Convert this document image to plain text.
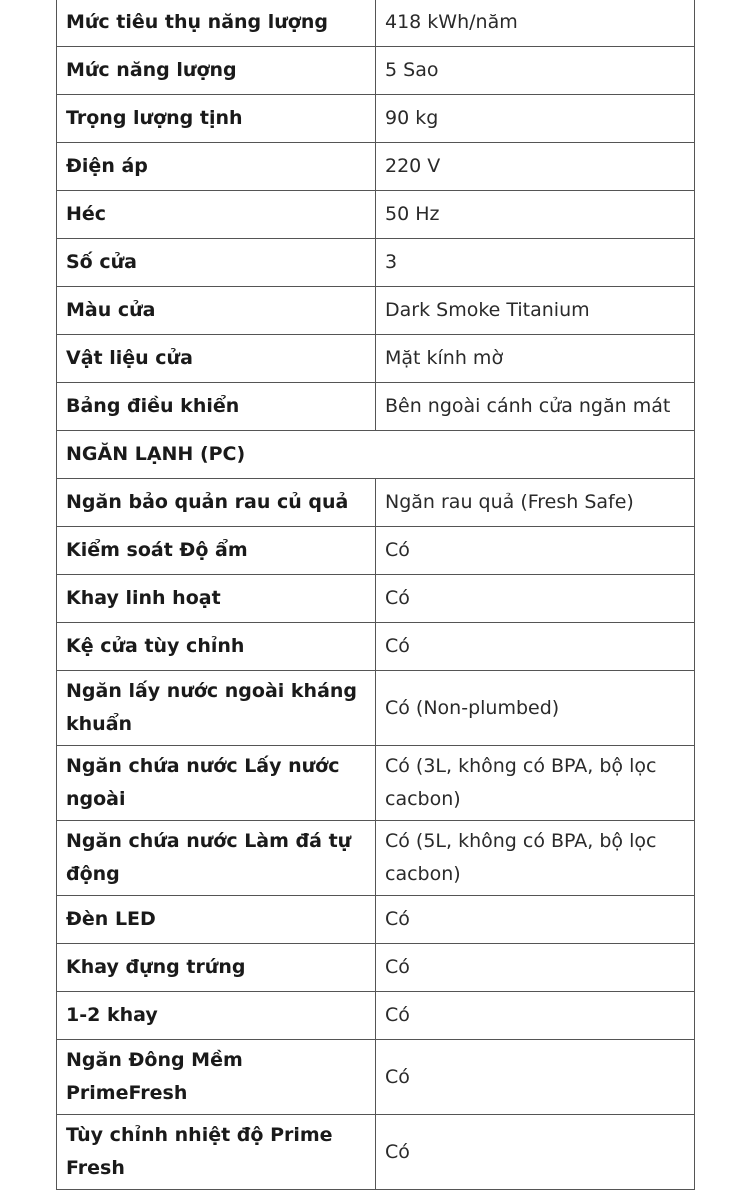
Mức tiêu thụ năng lượng	418 kWh/năm
Mức năng lượng	5 Sao
Trọng lượng tịnh	90 kg
Điện áp	220 V
Héc	50 Hz
Số cửa	3
Màu cửa	Dark Smoke Titanium
Vật liệu cửa	Mặt kính mờ
Bảng điều khiển	Bên ngoài cánh cửa ngăn mát
NGĂN LẠNH (PC)	
Ngăn bảo quản rau củ quả	Ngăn rau quả (Fresh Safe)
Kiểm soát Độ ẩm	Có
Khay linh hoạt	Có
Kệ cửa tùy chỉnh	Có
Ngăn lấy nước ngoài kháng khuẩn	Có (Non-plumbed)
Ngăn chứa nước Lấy nước ngoài	Có (3L, không có BPA, bộ lọc cacbon)
Ngăn chứa nước Làm đá tự động	Có (5L, không có BPA, bộ lọc cacbon)
Đèn LED	Có
Khay đựng trứng	Có
1-2 khay	Có
Ngăn Đông Mềm PrimeFresh	Có
Tùy chỉnh nhiệt độ Prime Fresh	Có
